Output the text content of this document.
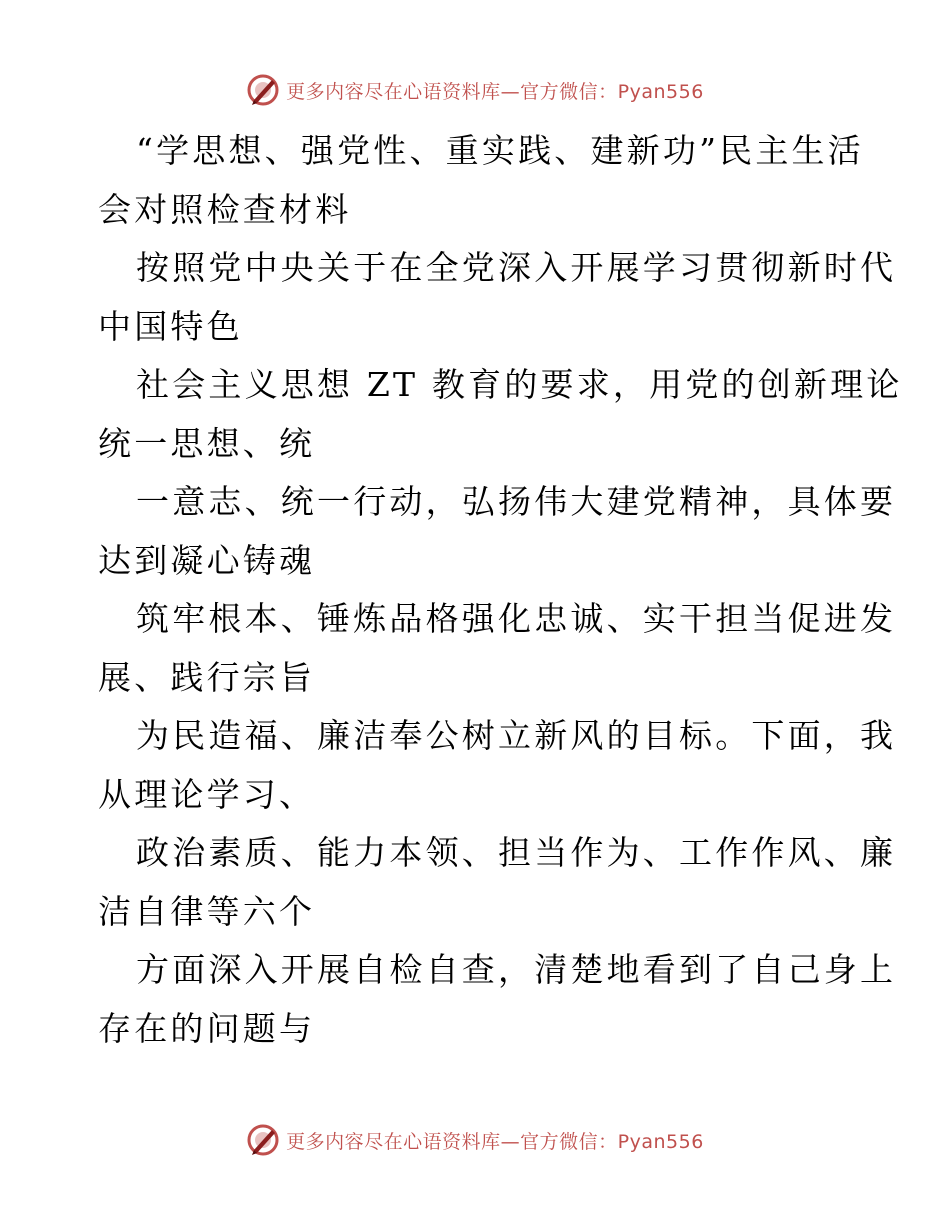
更多内容尽在心语资料库—官方微信：Pyan556
“学思想、强党性、重实践、建新功”民主生活
会对照检查材料
按照党中央关于在全党深入开展学习贯彻新时代
中国特色
社会主义思想 ZT 教育的要求，用党的创新理论
统一思想、统
一意志、统一行动，弘扬伟大建党精神，具体要
达到凝心铸魂
筑牢根本、锤炼品格强化忠诚、实干担当促进发
展、践行宗旨
为民造福、廉洁奉公树立新风的目标。下面，我
从理论学习、
政治素质、能力本领、担当作为、工作作风、廉
洁自律等六个
方面深入开展自检自查，清楚地看到了自己身上
存在的问题与
更多内容尽在心语资料库—官方微信：Pyan556
